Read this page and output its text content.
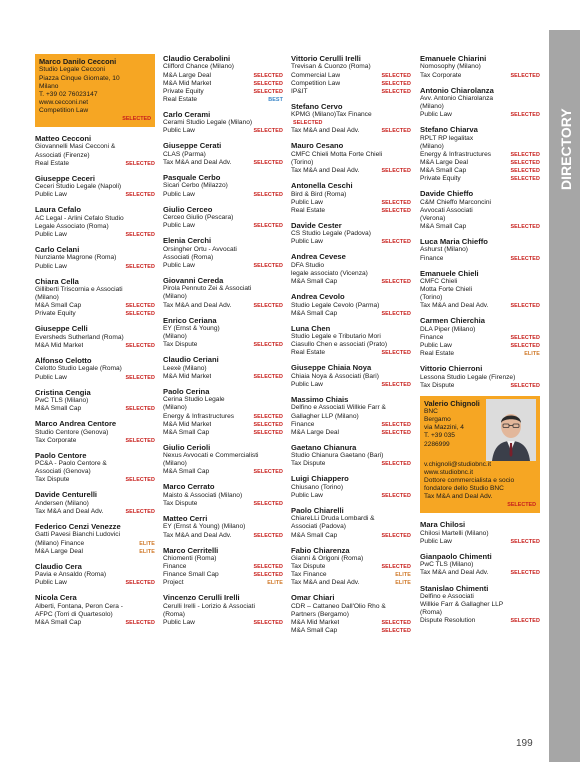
DIRECTORY
Marco Danilo Cecconi
Studio Legale Cecconi
Piazza Cinque Giornate, 10
Milano
T. +39 02 76023147
www.cecconi.net
Competition Law
SELECTED
Matteo Cecconi
Giovannelli Masi Cecconi &
Associati (Firenze)
Real Estate	SELECTED
Giuseppe Ceceri
Ceceri Studio Legale (Napoli)
Public Law	SELECTED
Laura Cefalo
AC Legal - Arlini Cefalo Studio
Legale Associato (Roma)
Public Law	SELECTED
Carlo Celani
Nunziante Magrone (Roma)
Public Law	SELECTED
Chiara Cella
Gilliberti Triscornia e Associati
(Milano)
M&A Small Cap	SELECTED
Private Equity	SELECTED
Giuseppe Celli
Eversheds Sutherland (Roma)
M&A Mid Market	SELECTED
Alfonso Celotto
Celotto Studio Legale (Roma)
Public Law	SELECTED
Cristina Cengia
PwC TLS (Milano)
M&A Small Cap	SELECTED
Marco Andrea Centore
Studio Centore (Genova)
Tax Corporate	SELECTED
Paolo Centore
PC&A - Paolo Centore &
Associati (Genova)
Tax Dispute	SELECTED
Davide Centurelli
Andersen (Milano)
Tax M&A and Deal Adv.	SELECTED
Federico Cenzi Venezze
Gatti Pavesi Bianchi Ludovici
(Milano) Finance	ELITE
M&A Large Deal	ELITE
Claudio Cera
Pavia e Ansaldo (Roma)
Public Law	SELECTED
Nicola Cera
Alberti, Fontana, Peron Cera -
AFPC (Torri di Quartesolo)
M&A Small Cap	SELECTED
Claudio Cerabolini
Clifford Chance (Milano)
M&A Large Deal	SELECTED
M&A Mid Market	SELECTED
Private Equity	SELECTED
Real Estate	BEST
Carlo Cerami
Cerami Studio Legale (Milano)
Public Law	SELECTED
Giuseppe Cerati
CLAS (Parma)
Tax M&A and Deal Adv.	SELECTED
Pasquale Cerbo
Sicari Cerbo (Milazzo)
Public Law	SELECTED
Giulio Cerceo
Cerceo Giulio (Pescara)
Public Law	SELECTED
Elenia Cerchi
Orsingher Ortu - Avvocati
Associati (Roma)
Public Law	SELECTED
Giovanni Cereda
Pirola Pennuto Zei & Associati
(Milano)
Tax M&A and Deal Adv.	SELECTED
Enrico Ceriana
EY (Ernst & Young)
(Milano)
Tax Dispute	SELECTED
Claudio Ceriani
Leexè (Milano)
M&A Mid Market	SELECTED
Paolo Cerina
Cerina Studio Legale
(Milano)
Energy & Infrastructures	SELECTED
M&A Mid Market	SELECTED
M&A Small Cap	SELECTED
Giulio Cerioli
Nexus Avvocati e Commercialisti
(Milano)
M&A Small Cap	SELECTED
Marco Cerrato
Maisto & Associati (Milano)
Tax Dispute	SELECTED
Matteo Cerri
EY (Ernst & Young) (Milano)
Tax M&A and Deal Adv.	SELECTED
Marco Cerritelli
Chiomenti (Roma)
Finance	SELECTED
Finance Small Cap	SELECTED
Project	ELITE
Vincenzo Cerulli Irelli
Cerulli Irelli - Lorizio & Associati
(Roma)
Public Law	SELECTED
Vittorio Cerulli Irelli
Trevisan & Cuonzo (Roma)
Commercial Law	SELECTED
Competition Law	SELECTED
IP&IT	SELECTED
Stefano Cervo
KPMG (Milano)Tax Finance
SELECTED
Tax M&A and Deal Adv.	SELECTED
Mauro Cesano
CMFC Chieli Motta Forte Chieli
(Torino)
Tax M&A and Deal Adv.	SELECTED
Antonella Ceschi
Bird & Bird (Roma)
Public Law	SELECTED
Real Estate	SELECTED
Davide Cester
CS Studio Legale (Padova)
Public Law	SELECTED
Andrea Cevese
DFA Studio
legale associato (Vicenza)
M&A Small Cap	SELECTED
Andrea Cevolo
Studio Legale Cevolo (Parma)
M&A Small Cap	SELECTED
Luna Chen
Studio Legale e Tributario Mori
Ciasullo Chen e associati (Prato)
Real Estate	SELECTED
Giuseppe Chiaia Noya
Chiaia Noya & Associati (Bari)
Public Law	SELECTED
Massimo Chiais
Delfino e Associati Willkie Farr &
Gallagher LLP (Milano)
Finance	SELECTED
M&A Large Deal	SELECTED
Gaetano Chianura
Studio Chianura Gaetano (Bari)
Tax Dispute	SELECTED
Luigi Chiappero
Chiusano (Torino)
Public Law	SELECTED
Paolo Chiarelli
ChiareLLi Druda Lombardi &
Associati (Padova)
M&A Small Cap	SELECTED
Fabio Chiarenza
Gianni & Origoni (Roma)
Tax Dispute	SELECTED
Tax Finance	ELITE
Tax M&A and Deal Adv.	ELITE
Omar Chiari
CDR – Cattaneo Dall'Olio Rho &
Partners (Bergamo)
M&A Mid Market	SELECTED
M&A Small Cap	SELECTED
Emanuele Chiarini
Nomosophy (Milano)
Tax Corporate	SELECTED
Antonio Chiarolanza
Avv. Antonio Chiarolanza
(Milano)
Public Law	SELECTED
Stefano Chiarva
RPLT RP legalitax
(Milano)
Energy & Infrastructures	SELECTED
M&A Large Deal	SELECTED
M&A Small Cap	SELECTED
Private Equity	SELECTED
Davide Chieffo
C&M Chieffo Marconcini
Avvocati Associati
(Verona)
M&A Small Cap	SELECTED
Luca Maria Chieffo
Ashurst (Milano)
Finance	SELECTED
Emanuele Chieli
CMFC Chieli
Motta Forte Chieli
(Torino)
Tax M&A and Deal Adv.	SELECTED
Carmen Chierchia
DLA Piper (Milano)
Finance	SELECTED
Public Law	SELECTED
Real Estate	ELITE
Vittorio Chierroni
Lessona Studio Legale (Firenze)
Tax Dispute	SELECTED
Valerio Chignoli
BNC
Bergamo
via Mazzini, 4
T. +39 035
2286999
v.chignoli@studiobnc.it
www.studiobnc.it
Dottore commercialista e socio
fondatore dello Studio BNC
Tax M&A and Deal Adv.
SELECTED
Mara Chilosi
Chilosi Martelli (Milano)
Public Law	SELECTED
Gianpaolo Chimenti
PwC TLS (Milano)
Tax M&A and Deal Adv.	SELECTED
Stanislao Chimenti
Delfino e Associati
Willkie Farr & Gallagher LLP
(Roma)
Dispute Resolution	SELECTED
199
